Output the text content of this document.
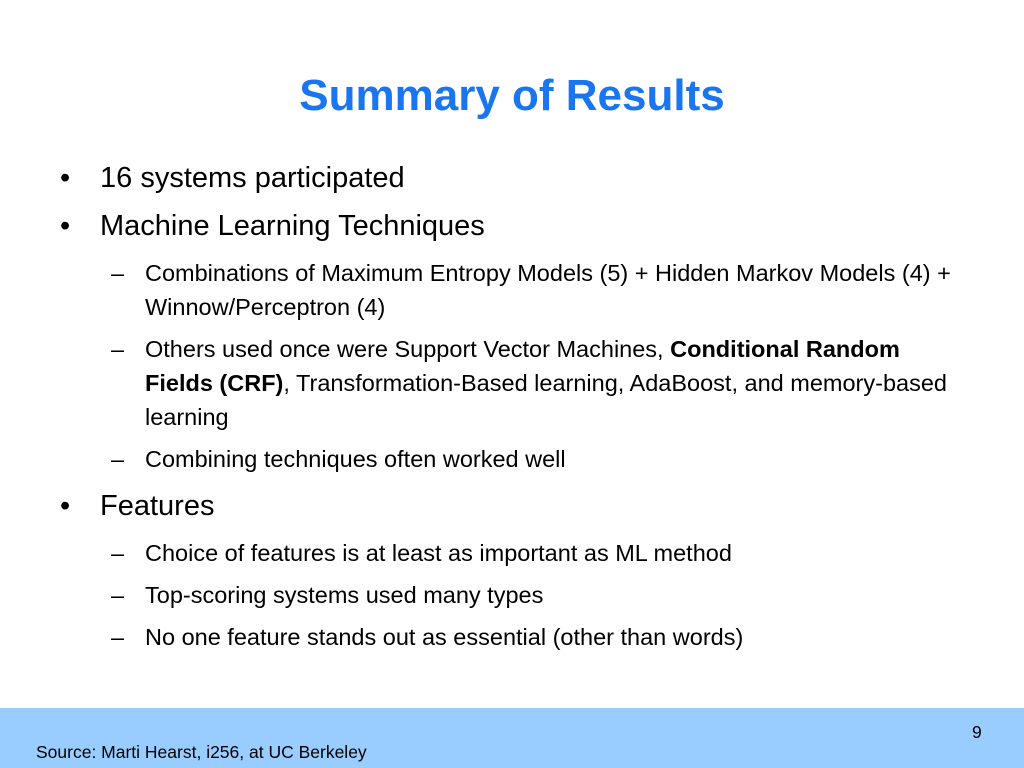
Summary of Results
• 16 systems participated
• Machine Learning Techniques
– Combinations of Maximum Entropy Models (5) + Hidden Markov Models (4) + Winnow/Perceptron (4)
– Others used once were Support Vector Machines, Conditional Random Fields (CRF), Transformation-Based learning, AdaBoost, and memory-based learning
– Combining techniques often worked well
• Features
– Choice of features is at least as important as ML method
– Top-scoring systems used many types
– No one feature stands out as essential (other than words)
Source: Marti Hearst, i256, at UC Berkeley
9
